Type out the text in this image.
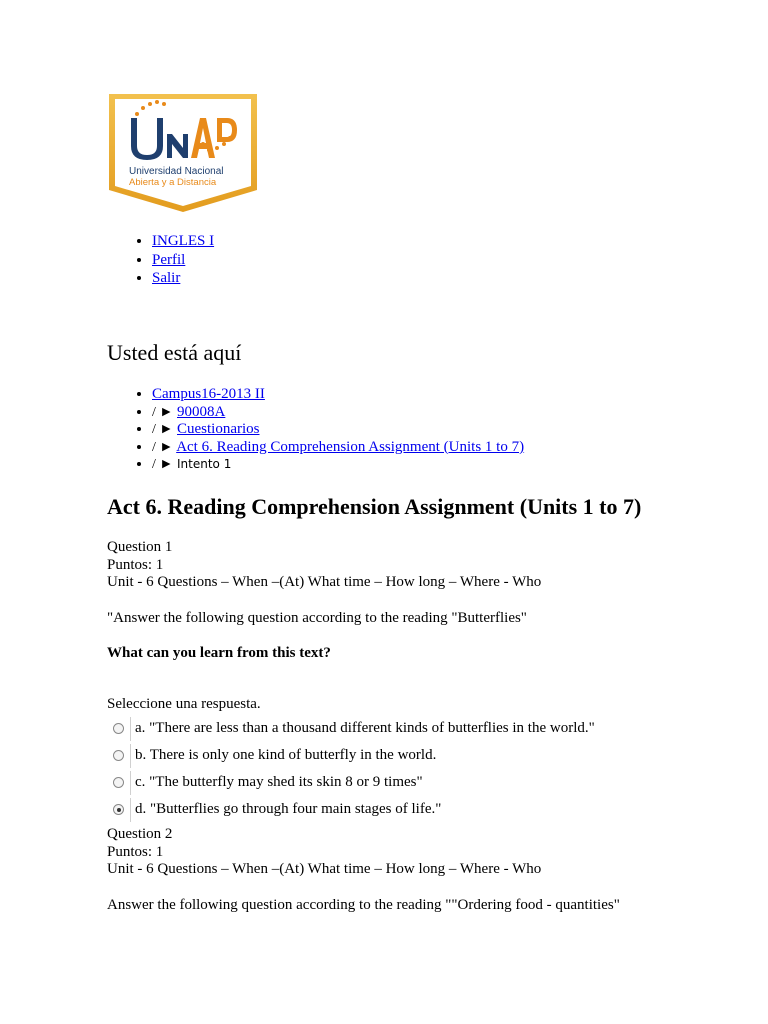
Universidad Nacional
Abierta y a Distancia
• INGLES I
• Perfil
• Salir
Usted está aquí
• Campus16-2013 II
• / ► 90008A
• / ► Cuestionarios
• / ► Act 6. Reading Comprehension Assignment (Units 1 to 7)
• / ► Intento 1
Act 6. Reading Comprehension Assignment (Units 1 to 7)
Question 1
Puntos: 1
Unit - 6 Questions – When –(At) What time – How long – Where - Who
"Answer the following question according to the reading "Butterflies"
What can you learn from this text?
Seleccione una respuesta.
a. "There are less than a thousand different kinds of butterflies in the world."
b. There is only one kind of butterfly in the world.
c. "The butterfly may shed its skin 8 or 9 times"
d. "Butterflies go through four main stages of life."
Question 2
Puntos: 1
Unit - 6 Questions – When –(At) What time – How long – Where - Who
Answer the following question according to the reading ""Ordering food - quantities"
